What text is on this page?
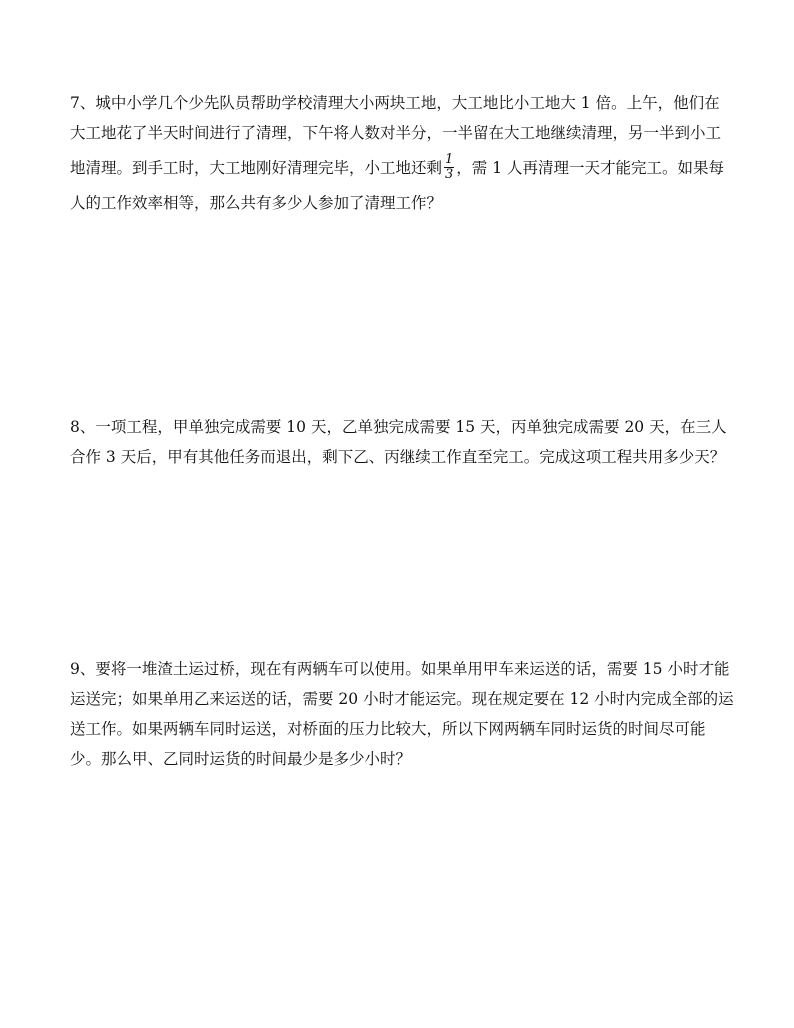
7、城中小学几个少先队员帮助学校清理大小两块工地，大工地比小工地大 1 倍。上午，他们在
大工地花了半天时间进行了清理，下午将人数对半分，一半留在大工地继续清理，另一半到小工
地清理。到手工时，大工地刚好清理完毕，小工地还剩 $\frac{1}{3}$ ，需 1 人再清理一天才能完工。如果每
人的工作效率相等，那么共有多少人参加了清理工作？
8、一项工程，甲单独完成需要 10 天，乙单独完成需要 15 天，丙单独完成需要 20 天，在三人
合作 3 天后，甲有其他任务而退出，剩下乙、丙继续工作直至完工。完成这项工程共用多少天？
9、要将一堆渣土运过桥，现在有两辆车可以使用。如果单用甲车来运送的话，需要 15 小时才能
运送完；如果单用乙来运送的话，需要 20 小时才能运完。现在规定要在 12 小时内完成全部的运
送工作。如果两辆车同时运送，对桥面的压力比较大，所以下网两辆车同时运货的时间尽可能
少。那么甲、乙同时运货的时间最少是多少小时？
